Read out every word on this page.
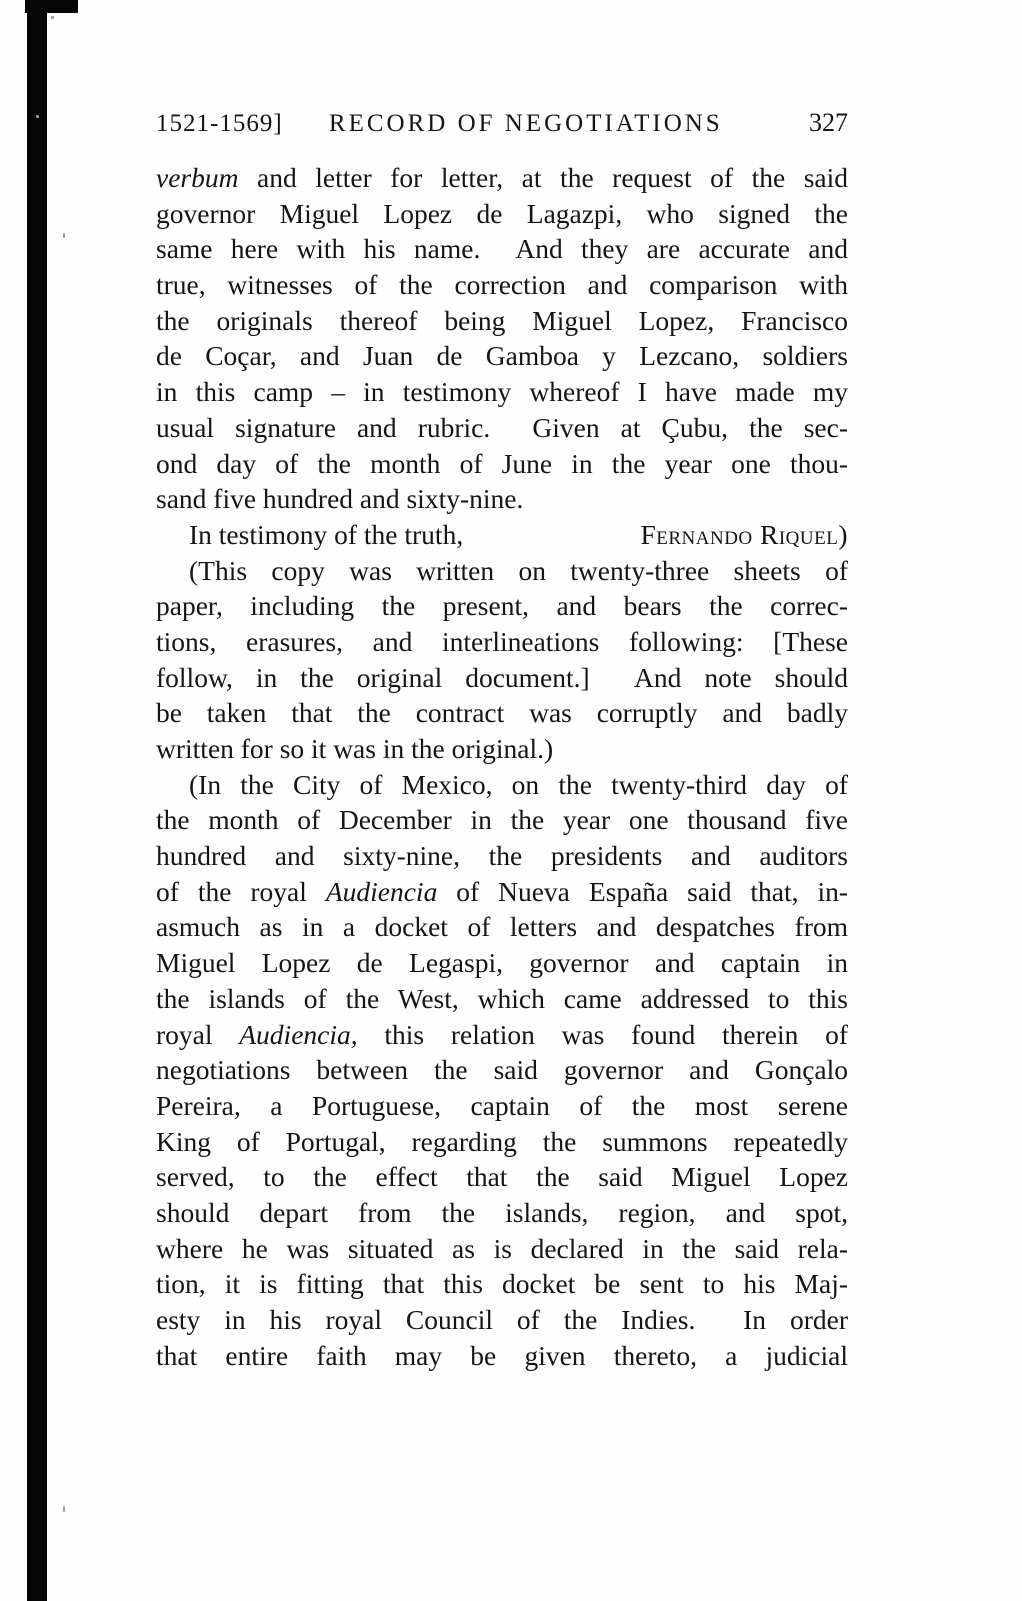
1521-1569] RECORD OF NEGOTIATIONS	327
verbum and letter for letter, at the request of the said
governor Miguel Lopez de Lagazpi, who signed the
same here with his name.  And they are accurate and
true, witnesses of the correction and comparison with
the originals thereof being Miguel Lopez, Francisco
de Coçar, and Juan de Gamboa y Lezcano, soldiers
in this camp – in testimony whereof I have made my
usual signature and rubric.  Given at Çubu, the sec-
ond day of the month of June in the year one thou-
sand five hundred and sixty-nine.
In testimony of the truth,	Fernando Riquel)
(This copy was written on twenty-three sheets of
paper, including the present, and bears the correc-
tions, erasures, and interlineations following: [These
follow, in the original document.]  And note should
be taken that the contract was corruptly and badly
written for so it was in the original.)
(In the City of Mexico, on the twenty-third day of
the month of December in the year one thousand five
hundred and sixty-nine, the presidents and auditors
of the royal Audiencia of Nueva España said that, in-
asmuch as in a docket of letters and despatches from
Miguel Lopez de Legaspi, governor and captain in
the islands of the West, which came addressed to this
royal Audiencia, this relation was found therein of
negotiations between the said governor and Gonçalo
Pereira, a Portuguese, captain of the most serene
King of Portugal, regarding the summons repeatedly
served, to the effect that the said Miguel Lopez
should depart from the islands, region, and spot,
where he was situated as is declared in the said rela-
tion, it is fitting that this docket be sent to his Maj-
esty in his royal Council of the Indies.  In order
that entire faith may be given thereto, a judicial
